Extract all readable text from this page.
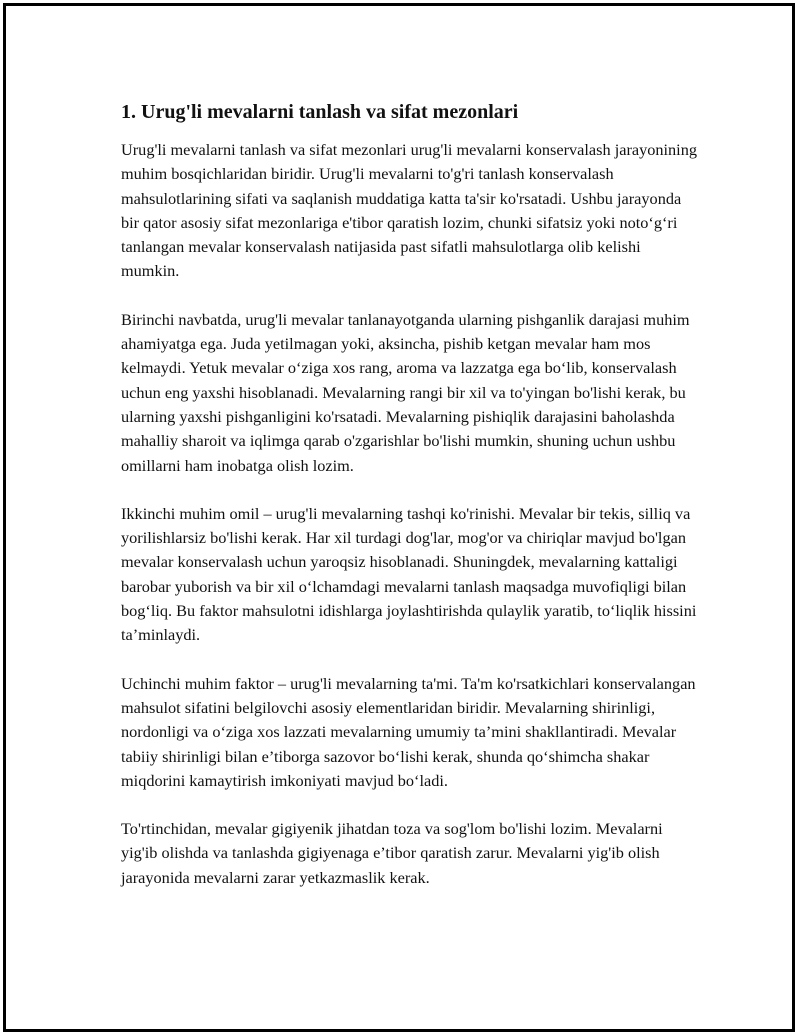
1. Urug'li mevalarni tanlash va sifat mezonlari

Urug'li mevalarni tanlash va sifat mezonlari urug'li mevalarni konservalash jarayonining muhim bosqichlaridan biridir. Urug'li mevalarni to'g'ri tanlash konservalash mahsulotlarining sifati va saqlanish muddatiga katta ta'sir ko'rsatadi. Ushbu jarayonda bir qator asosiy sifat mezonlariga e'tibor qaratish lozim, chunki sifatsiz yoki noto‘g‘ri tanlangan mevalar konservalash natijasida past sifatli mahsulotlarga olib kelishi mumkin.

Birinchi navbatda, urug'li mevalar tanlanayotganda ularning pishganlik darajasi muhim ahamiyatga ega. Juda yetilmagan yoki, aksincha, pishib ketgan mevalar ham mos kelmaydi. Yetuk mevalar o‘ziga xos rang, aroma va lazzatga ega bo‘lib, konservalash uchun eng yaxshi hisoblanadi. Mevalarning rangi bir xil va to'yingan bo'lishi kerak, bu ularning yaxshi pishganligini ko'rsatadi. Mevalarning pishiqlik darajasini baholashda mahalliy sharoit va iqlimga qarab o'zgarishlar bo'lishi mumkin, shuning uchun ushbu omillarni ham inobatga olish lozim.

Ikkinchi muhim omil – urug'li mevalarning tashqi ko'rinishi. Mevalar bir tekis, silliq va yorilishlarsiz bo'lishi kerak. Har xil turdagi dog'lar, mog'or va chiriqlar mavjud bo'lgan mevalar konservalash uchun yaroqsiz hisoblanadi. Shuningdek, mevalarning kattaligi barobar yuborish va bir xil o‘lchamdagi mevalarni tanlash maqsadga muvofiqligi bilan bog‘liq. Bu faktor mahsulotni idishlarga joylashtirishda qulaylik yaratib, to‘liqlik hissini ta’minlaydi.

Uchinchi muhim faktor – urug'li mevalarning ta'mi. Ta'm ko'rsatkichlari konservalangan mahsulot sifatini belgilovchi asosiy elementlaridan biridir. Mevalarning shirinligi, nordonligi va o‘ziga xos lazzati mevalarning umumiy ta’mini shakllantiradi. Mevalar tabiiy shirinligi bilan e’tiborga sazovor bo‘lishi kerak, shunda qo‘shimcha shakar miqdorini kamaytirish imkoniyati mavjud bo‘ladi.

To'rtinchidan, mevalar gigiyenik jihatdan toza va sog'lom bo'lishi lozim. Mevalarni yig'ib olishda va tanlashda gigiyenaga e’tibor qaratish zarur. Mevalarni yig'ib olish jarayonida mevalarni zarar yetkazmaslik kerak.
